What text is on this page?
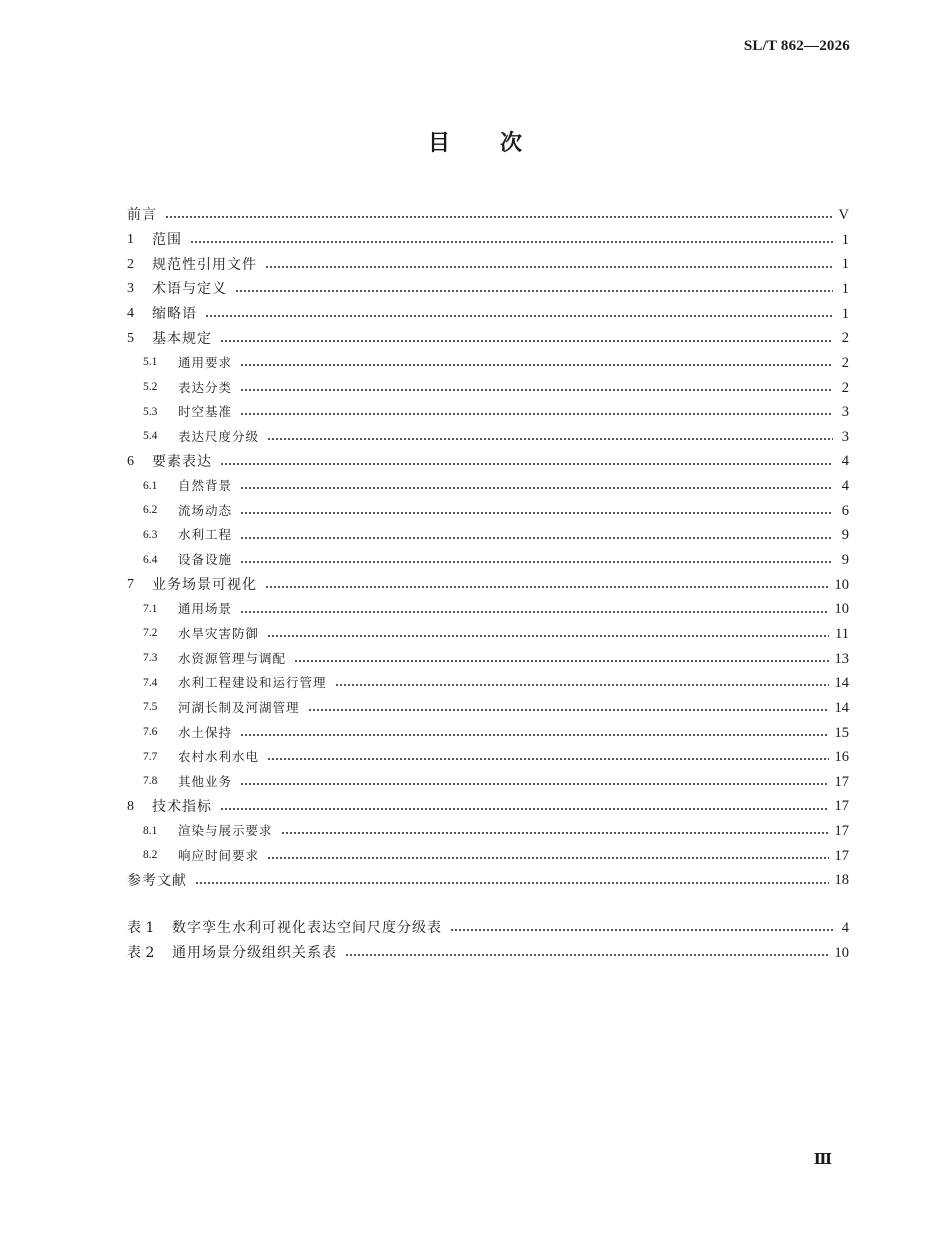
SL/T 862—2026
目次
前言	V
1	范围	1
2	规范性引用文件	1
3	术语与定义	1
4	缩略语	1
5	基本规定	2
5.1	通用要求	2
5.2	表达分类	2
5.3	时空基准	3
5.4	表达尺度分级	3
6	要素表达	4
6.1	自然背景	4
6.2	流场动态	6
6.3	水利工程	9
6.4	设备设施	9
7	业务场景可视化	10
7.1	通用场景	10
7.2	水旱灾害防御	11
7.3	水资源管理与调配	13
7.4	水利工程建设和运行管理	14
7.5	河湖长制及河湖管理	14
7.6	水土保持	15
7.7	农村水利水电	16
7.8	其他业务	17
8	技术指标	17
8.1	渲染与展示要求	17
8.2	响应时间要求	17
参考文献	18
表 1	数字孪生水利可视化表达空间尺度分级表	4
表 2	通用场景分级组织关系表	10
Ⅲ
